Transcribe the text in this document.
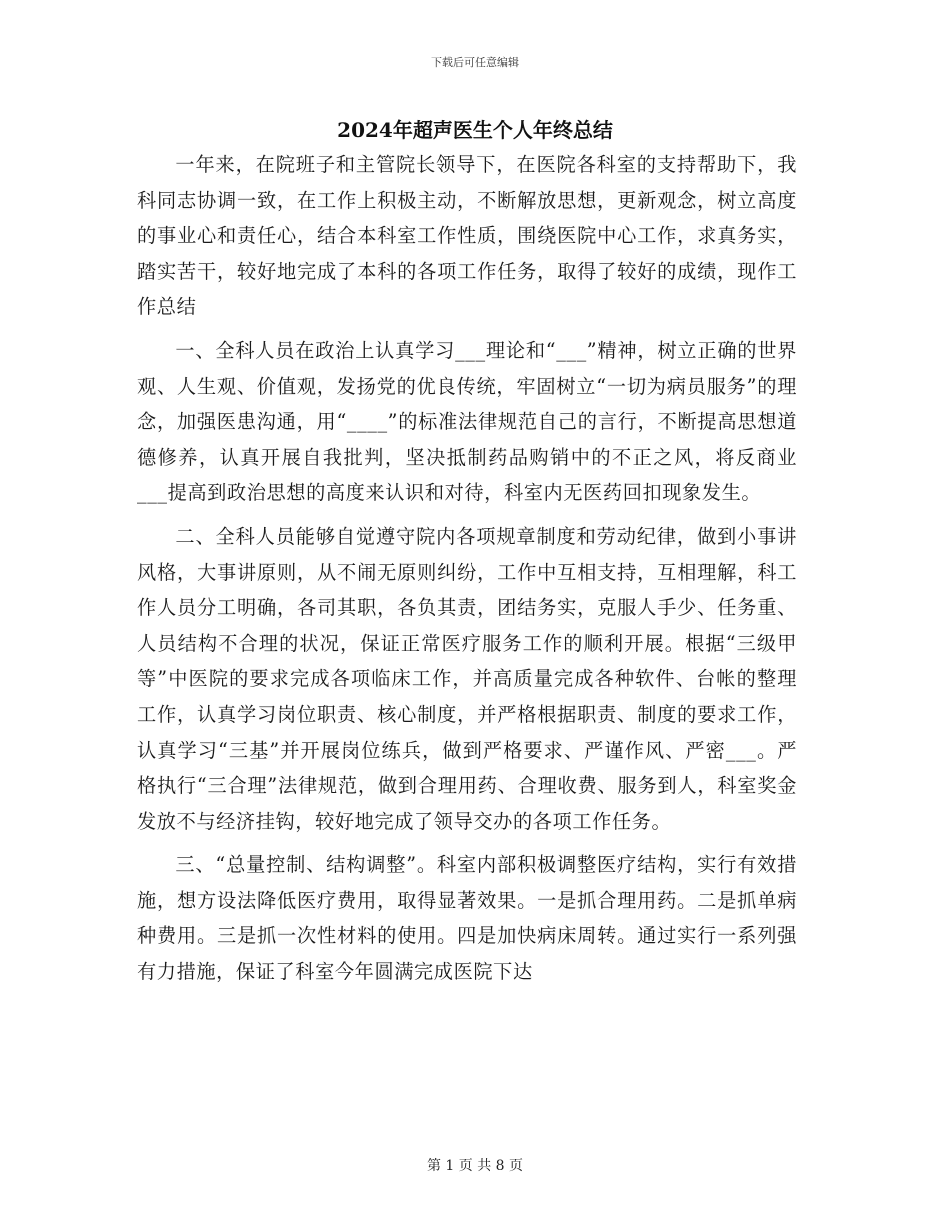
下载后可任意编辑
2024年超声医生个人年终总结

一年来，在院班子和主管院长领导下，在医院各科室的支持帮助下，我科同志协调一致，在工作上积极主动，不断解放思想，更新观念，树立高度的事业心和责任心，结合本科室工作性质，围绕医院中心工作，求真务实，踏实苦干，较好地完成了本科的各项工作任务，取得了较好的成绩，现作工作总结

一、全科人员在政治上认真学习___理论和“___”精神，树立正确的世界观、人生观、价值观，发扬党的优良传统，牢固树立“一切为病员服务”的理念，加强医患沟通，用“____”的标准法律规范自己的言行，不断提高思想道德修养，认真开展自我批判，坚决抵制药品购销中的不正之风，将反商业___提高到政治思想的高度来认识和对待，科室内无医药回扣现象发生。

二、全科人员能够自觉遵守院内各项规章制度和劳动纪律，做到小事讲风格，大事讲原则，从不闹无原则纠纷，工作中互相支持，互相理解，科工作人员分工明确，各司其职，各负其责，团结务实，克服人手少、任务重、人员结构不合理的状况，保证正常医疗服务工作的顺利开展。根据“三级甲等”中医院的要求完成各项临床工作，并高质量完成各种软件、台帐的整理工作，认真学习岗位职责、核心制度，并严格根据职责、制度的要求工作，认真学习“三基”并开展岗位练兵，做到严格要求、严谨作风、严密___。严格执行“三合理”法律规范，做到合理用药、合理收费、服务到人，科室奖金发放不与经济挂钩，较好地完成了领导交办的各项工作任务。

三、“总量控制、结构调整”。科室内部积极调整医疗结构，实行有效措施，想方设法降低医疗费用，取得显著效果。一是抓合理用药。二是抓单病种费用。三是抓一次性材料的使用。四是加快病床周转。通过实行一系列强有力措施，保证了科室今年圆满完成医院下达

第 1 页 共 8 页
